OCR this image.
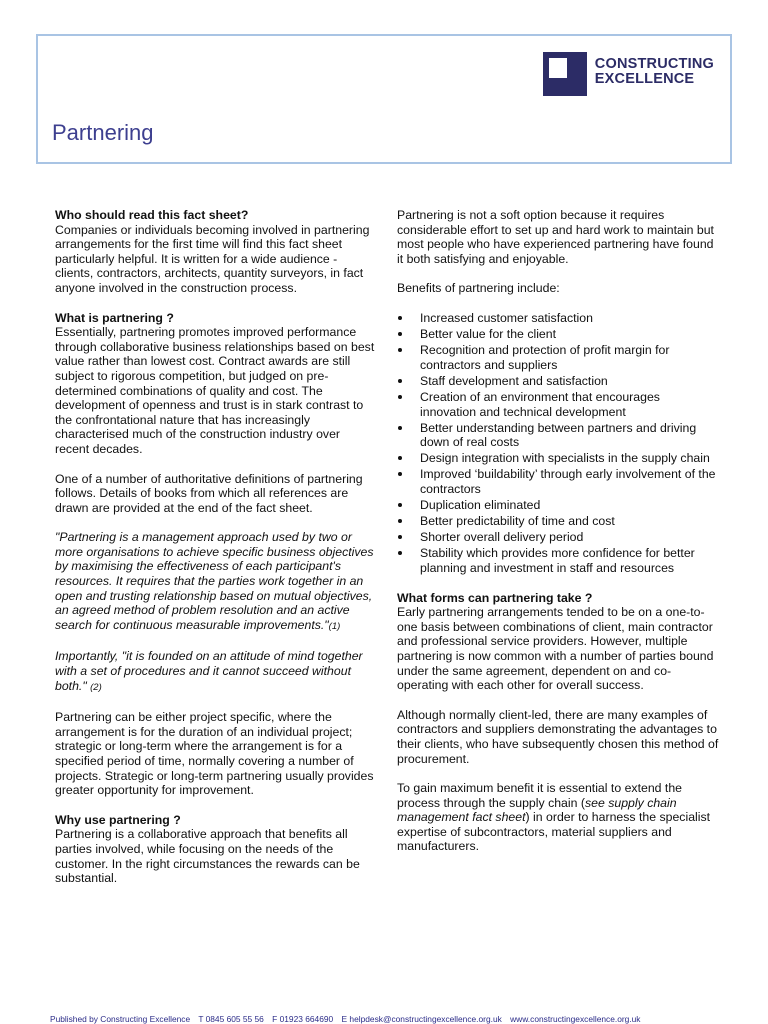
CONSTRUCTING
EXCELLENCE
Partnering
Who should read this fact sheet?

Companies or individuals becoming involved in partnering arrangements for the first time will find this fact sheet particularly helpful. It is written for a wide audience - clients, contractors, architects, quantity surveyors, in fact anyone involved in the construction process.

What is partnering ?

Essentially, partnering promotes improved performance through collaborative business relationships based on best value rather than lowest cost. Contract awards are still subject to rigorous competition, but judged on pre-determined combinations of quality and cost. The development of openness and trust is in stark contrast to the confrontational nature that has increasingly characterised much of the construction industry over recent decades.

One of a number of authoritative definitions of partnering follows. Details of books from which all references are drawn are provided at the end of the fact sheet.

"Partnering is a management approach used by two or more organisations to achieve specific business objectives by maximising the effectiveness of each participant's resources. It requires that the parties work together in an open and trusting relationship based on mutual objectives, an agreed method of problem resolution and an active search for continuous measurable improvements."(1)

Importantly, "it is founded on an attitude of mind together with a set of procedures and it cannot succeed without both." (2)

Partnering can be either project specific, where the arrangement is for the duration of an individual project; strategic or long-term where the arrangement is for a specified period of time, normally covering a number of projects. Strategic or long-term partnering usually provides greater opportunity for improvement.

Why use partnering ?

Partnering is a collaborative approach that benefits all parties involved, while focusing on the needs of the customer. In the right circumstances the rewards can be substantial.

Partnering is not a soft option because it requires considerable effort to set up and hard work to maintain but most people who have experienced partnering have found it both satisfying and enjoyable.

Benefits of partnering include:

Increased customer satisfaction
Better value for the client
Recognition and protection of profit margin for contractors and suppliers
Staff development and satisfaction
Creation of an environment that encourages innovation and technical development
Better understanding between partners and driving down of real costs
Design integration with specialists in the supply chain
Improved ‘buildability’ through early involvement of the contractors
Duplication eliminated
Better predictability of time and cost
Shorter overall delivery period
Stability which provides more confidence for better planning and investment in staff and resources
What forms can partnering take ?

Early partnering arrangements tended to be on a one-to-one basis between combinations of client, main contractor and professional service providers. However, multiple partnering is now common with a number of parties bound under the same agreement, dependent on and co-operating with each other for overall success.

Although normally client-led, there are many examples of contractors and suppliers demonstrating the advantages to their clients, who have subsequently chosen this method of procurement.

To gain maximum benefit it is essential to extend the process through the supply chain (see supply chain management fact sheet) in order to harness the specialist expertise of subcontractors, material suppliers and manufacturers.

Published by Constructing Excellence T 0845 605 55 56 F 01923 664690 E helpdesk@constructingexcellence.org.uk www.constructingexcellence.org.uk
